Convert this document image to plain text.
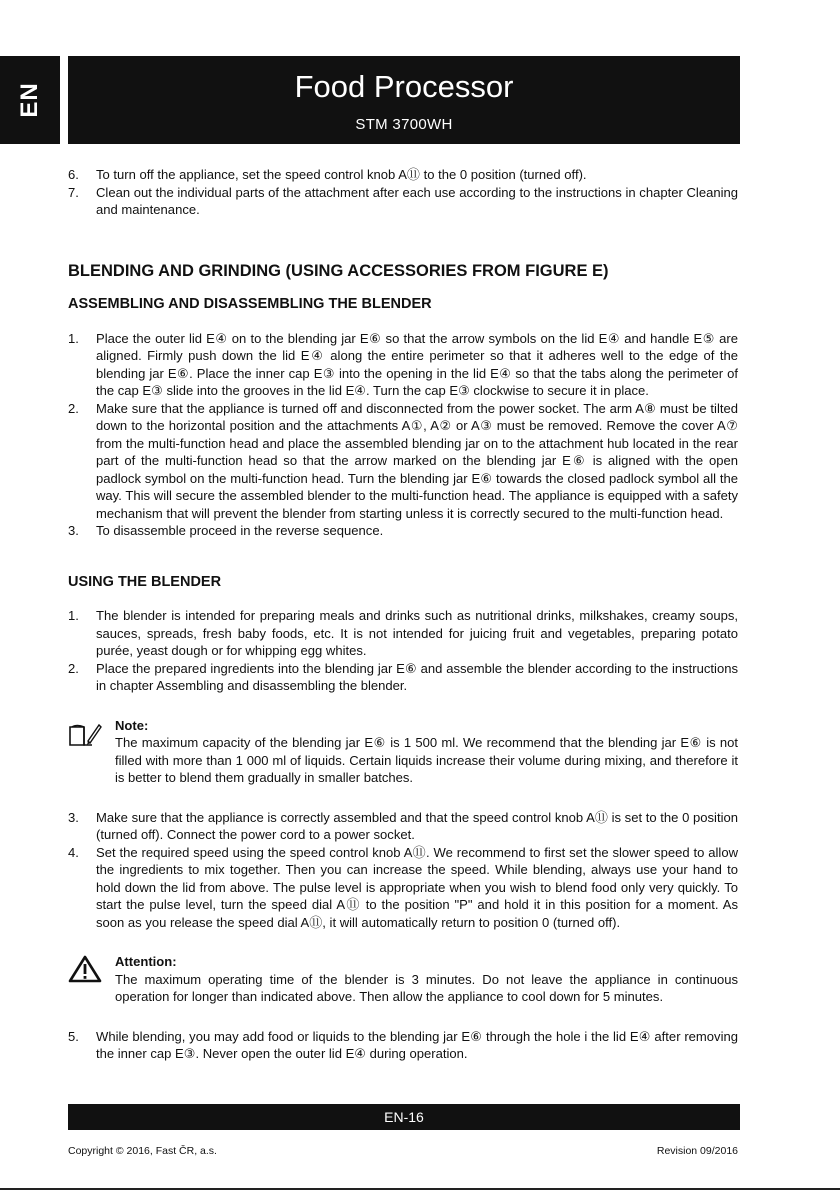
EN	Food Processor
STM 3700WH
6. To turn off the appliance, set the speed control knob A⑪ to the 0 position (turned off).
7. Clean out the individual parts of the attachment after each use according to the instructions in chapter Cleaning and maintenance.
BLENDING AND GRINDING (USING ACCESSORIES FROM FIGURE E)
ASSEMBLING AND DISASSEMBLING THE BLENDER
1. Place the outer lid E④ on to the blending jar E⑥ so that the arrow symbols on the lid E④ and handle E⑤ are aligned. Firmly push down the lid E④ along the entire perimeter so that it adheres well to the edge of the blending jar E⑥. Place the inner cap E③ into the opening in the lid E④ so that the tabs along the perimeter of the cap E③ slide into the grooves in the lid E④. Turn the cap E③ clockwise to secure it in place.
2. Make sure that the appliance is turned off and disconnected from the power socket. The arm A⑧ must be tilted down to the horizontal position and the attachments A①, A② or A③ must be removed. Remove the cover A⑦ from the multi-function head and place the assembled blending jar on to the attachment hub located in the rear part of the multi-function head so that the arrow marked on the blending jar E⑥ is aligned with the open padlock symbol on the multi-function head. Turn the blending jar E⑥ towards the closed padlock symbol all the way. This will secure the assembled blender to the multi-function head. The appliance is equipped with a safety mechanism that will prevent the blender from starting unless it is correctly secured to the multi-function head.
3. To disassemble proceed in the reverse sequence.
USING THE BLENDER
1. The blender is intended for preparing meals and drinks such as nutritional drinks, milkshakes, creamy soups, sauces, spreads, fresh baby foods, etc. It is not intended for juicing fruit and vegetables, preparing potato purée, yeast dough or for whipping egg whites.
2. Place the prepared ingredients into the blending jar E⑥ and assemble the blender according to the instructions in chapter Assembling and disassembling the blender.
Note:
The maximum capacity of the blending jar E⑥ is 1 500 ml. We recommend that the blending jar E⑥ is not filled with more than 1 000 ml of liquids. Certain liquids increase their volume during mixing, and therefore it is better to blend them gradually in smaller batches.
3. Make sure that the appliance is correctly assembled and that the speed control knob A⑪ is set to the 0 position (turned off). Connect the power cord to a power socket.
4. Set the required speed using the speed control knob A⑪. We recommend to first set the slower speed to allow the ingredients to mix together. Then you can increase the speed. While blending, always use your hand to hold down the lid from above. The pulse level is appropriate when you wish to blend food only very quickly. To start the pulse level, turn the speed dial A⑪ to the position "P" and hold it in this position for a moment. As soon as you release the speed dial A⑪, it will automatically return to position 0 (turned off).
Attention:
The maximum operating time of the blender is 3 minutes. Do not leave the appliance in continuous operation for longer than indicated above. Then allow the appliance to cool down for 5 minutes.
5. While blending, you may add food or liquids to the blending jar E⑥ through the hole i the lid E④ after removing the inner cap E③. Never open the outer lid E④ during operation.
EN-16
Copyright © 2016, Fast ČR, a.s.	Revision 09/2016
